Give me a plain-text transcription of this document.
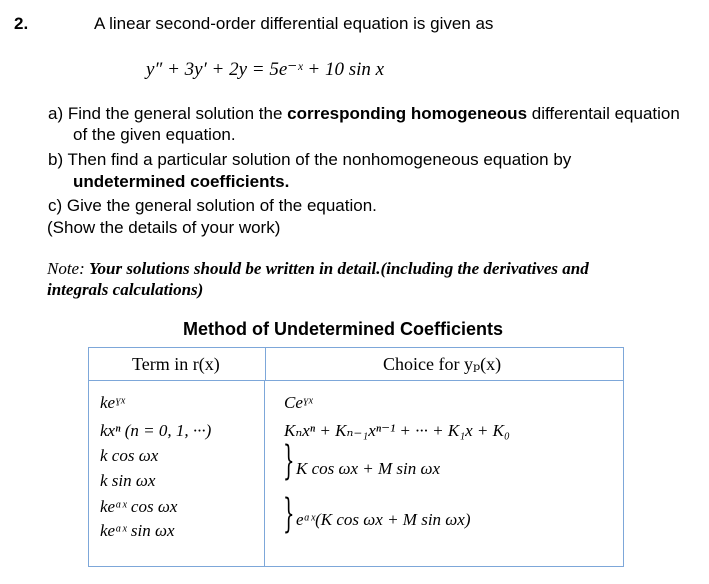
2.	A linear second-order differential equation is given as
y″ + 3y′ + 2y = 5e⁻ˣ + 10 sin x
a) Find the general solution the corresponding homogeneous differentail equation
of the given equation.
b) Then find a particular solution of the nonhomogeneous equation by
undetermined coefficients.
c) Give the general solution of the equation.
(Show the details of your work)
Note: Your solutions should be written in detail.(including the derivatives and
integrals calculations)
Method of Undetermined Coefficients
Term in r(x)	Choice for yₚ(x)
keˠˣ	Ceˠˣ
kxⁿ (n = 0, 1, ···)	Kₙxⁿ + Kₙ₋₁xⁿ⁻¹ + ··· + K₁x + K₀
k cos ωx
k sin ωx	} K cos ωx + M sin ωx
keᵅˣ cos ωx
keᵅˣ sin ωx	} eᵅˣ(K cos ωx + M sin ωx)
